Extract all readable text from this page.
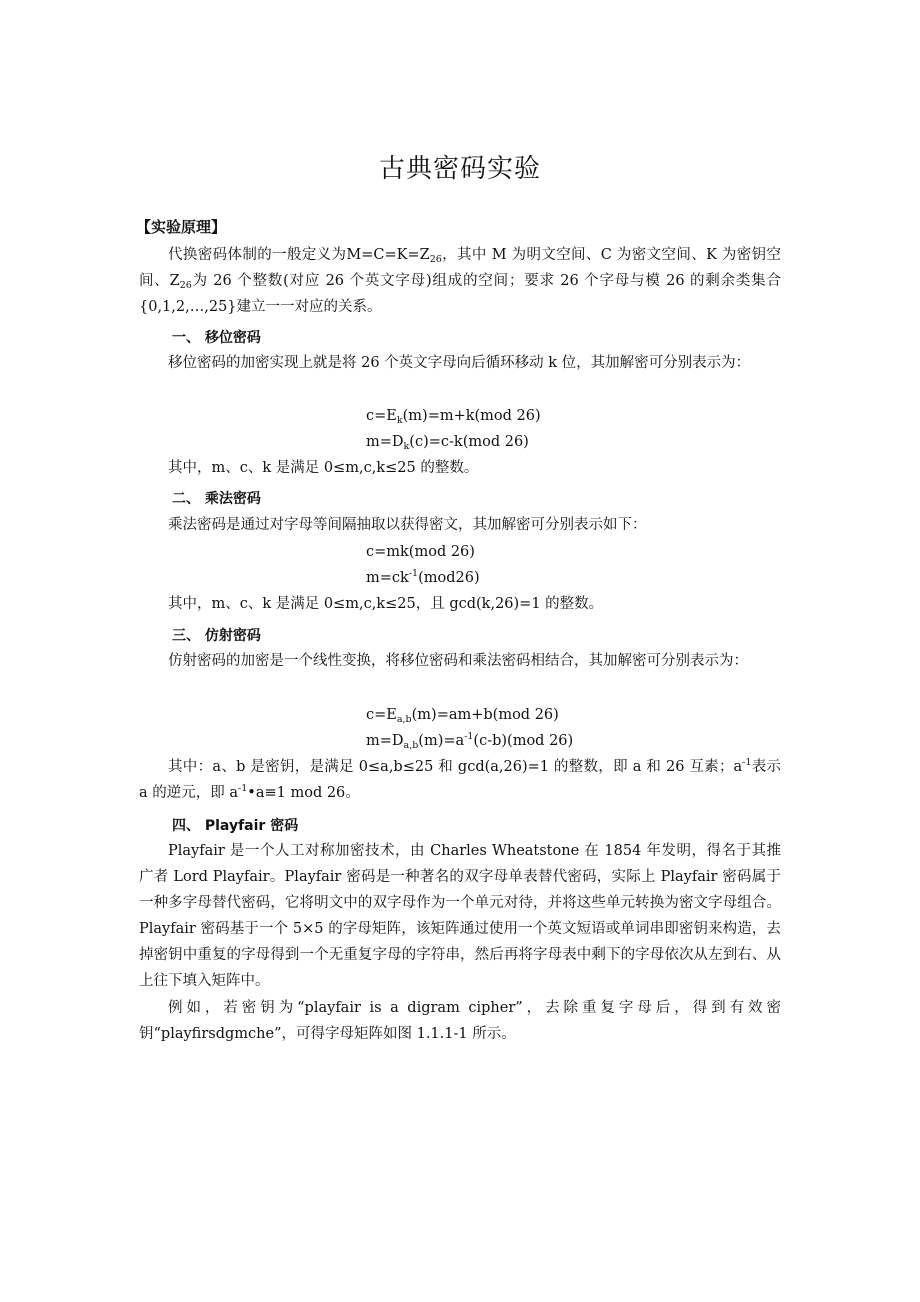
古典密码实验
【实验原理】

代换密码体制的一般定义为$M=C=K=Z_{26}$，其中 M 为明文空间、C 为密文空间、K 为密钥空间、$Z_{26}$为 26 个整数(对应 26 个英文字母)组成的空间；要求 26 个字母与模 26 的剩余类集合{0,1,2,…,25}建立一一对应的关系。

一、 移位密码

移位密码的加密实现上就是将 26 个英文字母向后循环移动 k 位，其加解密可分别表示为：

$c=E_k(m)=m+k(mod$ 26)
$m=D_k(c)=c-k(mod$ 26)

其中，m、c、k 是满足 0≤m,c,k≤25 的整数。

二、 乘法密码

乘法密码是通过对字母等间隔抽取以获得密文，其加解密可分别表示如下：

c=mk(mod 26)
$m=ck^{-1}(mod26)$

其中，m、c、k 是满足 0≤m,c,k≤25，且 gcd(k,26)=1 的整数。

三、 仿射密码

仿射密码的加密是一个线性变换，将移位密码和乘法密码相结合，其加解密可分别表示为：

$c=E_{a,b}(m)=am+b(mod$ 26)
$m=D_{a,b}(m)=a^{-1}(c-b)(mod$ 26)

其中：a、b 是密钥，是满足 0≤a,b≤25 和 gcd(a,26)=1 的整数，即 a 和 26 互素；$a^{-1}$表示 a 的逆元，即 $a^{-1}•a\equiv 1$ mod 26。

四、 Playfair 密码

Playfair 是一个人工对称加密技术，由 Charles Wheatstone 在 1854 年发明，得名于其推广者 Lord Playfair。Playfair 密码是一种著名的双字母单表替代密码，实际上 Playfair 密码属于一种多字母替代密码，它将明文中的双字母作为一个单元对待，并将这些单元转换为密文字母组合。Playfair 密码基于一个 5×5 的字母矩阵，该矩阵通过使用一个英文短语或单词串即密钥来构造，去掉密钥中重复的字母得到一个无重复字母的字符串，然后再将字母表中剩下的字母依次从左到右、从上往下填入矩阵中。

例如，若密钥为“playfair is a digram cipher”，去除重复字母后，得到有效密钥“playfirsdgmche”，可得字母矩阵如图 1.1.1-1 所示。
